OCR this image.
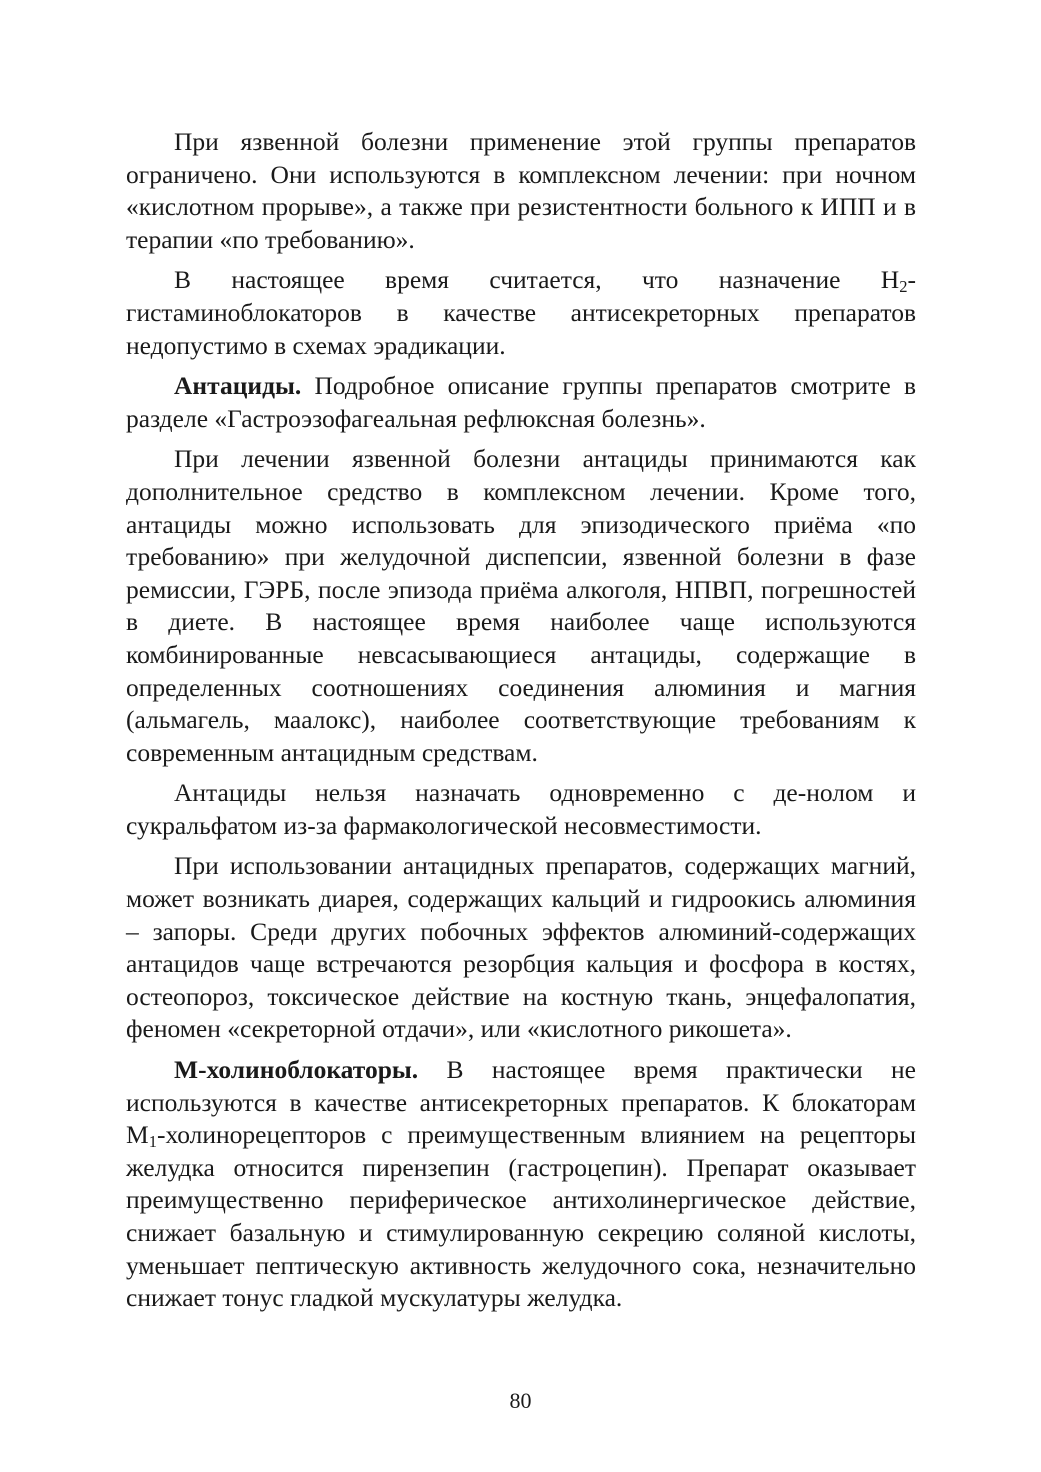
При язвенной болезни применение этой группы препаратов ограничено. Они используются в комплексном лечении: при ночном «кислотном прорыве», а также при резистентности больного к ИПП и в терапии «по требованию».

В настоящее время считается, что назначение $Н_2$-гистаминоблокаторов в качестве антисекреторных препаратов недопустимо в схемах эрадикации.

Антациды. Подробное описание группы препаратов смотрите в разделе «Гастроэзофагеальная рефлюксная болезнь».

При лечении язвенной болезни антациды принимаются как дополнительное средство в комплексном лечении. Кроме того, антациды можно использовать для эпизодического приёма «по требованию» при желудочной диспепсии, язвенной болезни в фазе ремиссии, ГЭРБ, после эпизода приёма алкоголя, НПВП, погрешностей в диете. В настоящее время наиболее чаще используются комбинированные невсасывающиеся антациды, содержащие в определенных соотношениях соединения алюминия и магния (альмагель, маалокс), наиболее соответствующие требованиям к современным антацидным средствам.

Антациды нельзя назначать одновременно с де-нолом и сукральфатом из-за фармакологической несовместимости.

При использовании антацидных препаратов, содержащих магний, может возникать диарея, содержащих кальций и гидроокись алюминия – запоры. Среди других побочных эффектов алюминий-содержащих антацидов чаще встречаются резорбция кальция и фосфора в костях, остеопороз, токсическое действие на костную ткань, энцефалопатия, феномен «секреторной отдачи», или «кислотного рикошета».

М-холиноблокаторы. В настоящее время практически не используются в качестве антисекреторных препаратов. К блокаторам $М_1$-холинорецепторов с преимущественным влиянием на рецепторы желудка относится пирензепин (гастроцепин). Препарат оказывает преимущественно периферическое антихолинергическое действие, снижает базальную и стимулированную секрецию соляной кислоты, уменьшает пептическую активность желудочного сока, незначительно снижает тонус гладкой мускулатуры желудка.

80
